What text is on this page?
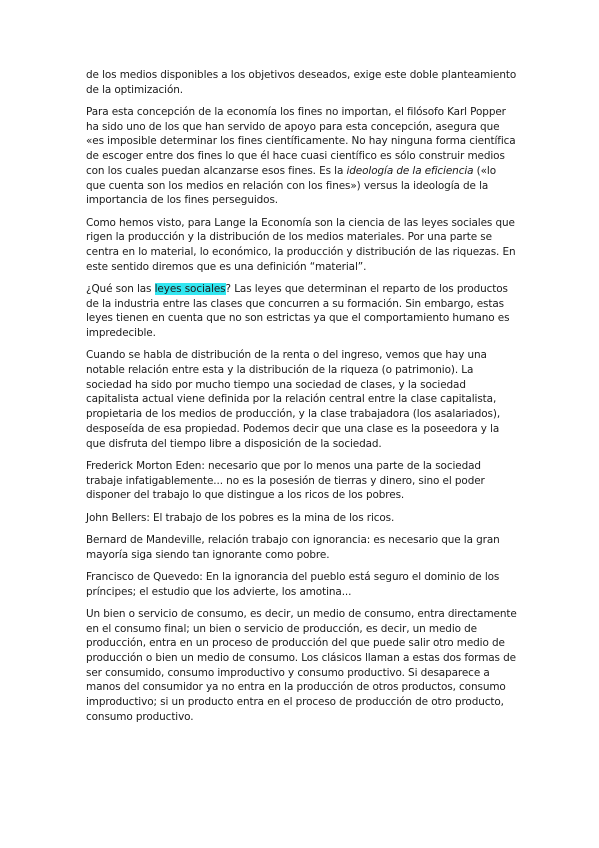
de los medios disponibles a los objetivos deseados, exige este doble planteamiento de la optimización.

Para esta concepción de la economía los fines no importan, el filósofo Karl Popper ha sido uno de los que han servido de apoyo para esta concepción, asegura que «es imposible determinar los fines científicamente. No hay ninguna forma científica de escoger entre dos fines lo que él hace cuasi científico es sólo construir medios con los cuales puedan alcanzarse esos fines. Es la ideología de la eficiencia («lo que cuenta son los medios en relación con los fines») versus la ideología de la importancia de los fines perseguidos.

Como hemos visto, para Lange la Economía son la ciencia de las leyes sociales que rigen la producción y la distribución de los medios materiales. Por una parte se centra en lo material, lo económico, la producción y distribución de las riquezas. En este sentido diremos que es una definición “material”.

¿Qué son las leyes sociales? Las leyes que determinan el reparto de los productos de la industria entre las clases que concurren a su formación. Sin embargo, estas leyes tienen en cuenta que no son estrictas ya que el comportamiento humano es impredecible.

Cuando se habla de distribución de la renta o del ingreso, vemos que hay una notable relación entre esta y la distribución de la riqueza (o patrimonio). La sociedad ha sido por mucho tiempo una sociedad de clases, y la sociedad capitalista actual viene definida por la relación central entre la clase capitalista, propietaria de los medios de producción, y la clase trabajadora (los asalariados), desposeída de esa propiedad. Podemos decir que una clase es la poseedora y la que disfruta del tiempo libre a disposición de la sociedad.

Frederick Morton Eden: necesario que por lo menos una parte de la sociedad trabaje infatigablemente... no es la posesión de tierras y dinero, sino el poder disponer del trabajo lo que distingue a los ricos de los pobres.

John Bellers: El trabajo de los pobres es la mina de los ricos.

Bernard de Mandeville, relación trabajo con ignorancia: es necesario que la gran mayoría siga siendo tan ignorante como pobre.

Francisco de Quevedo: En la ignorancia del pueblo está seguro el dominio de los príncipes; el estudio que los advierte, los amotina...

Un bien o servicio de consumo, es decir, un medio de consumo, entra directamente en el consumo final; un bien o servicio de producción, es decir, un medio de producción, entra en un proceso de producción del que puede salir otro medio de producción o bien un medio de consumo. Los clásicos llaman a estas dos formas de ser consumido, consumo improductivo y consumo productivo. Si desaparece a manos del consumidor ya no entra en la producción de otros productos, consumo improductivo; si un producto entra en el proceso de producción de otro producto, consumo productivo.
